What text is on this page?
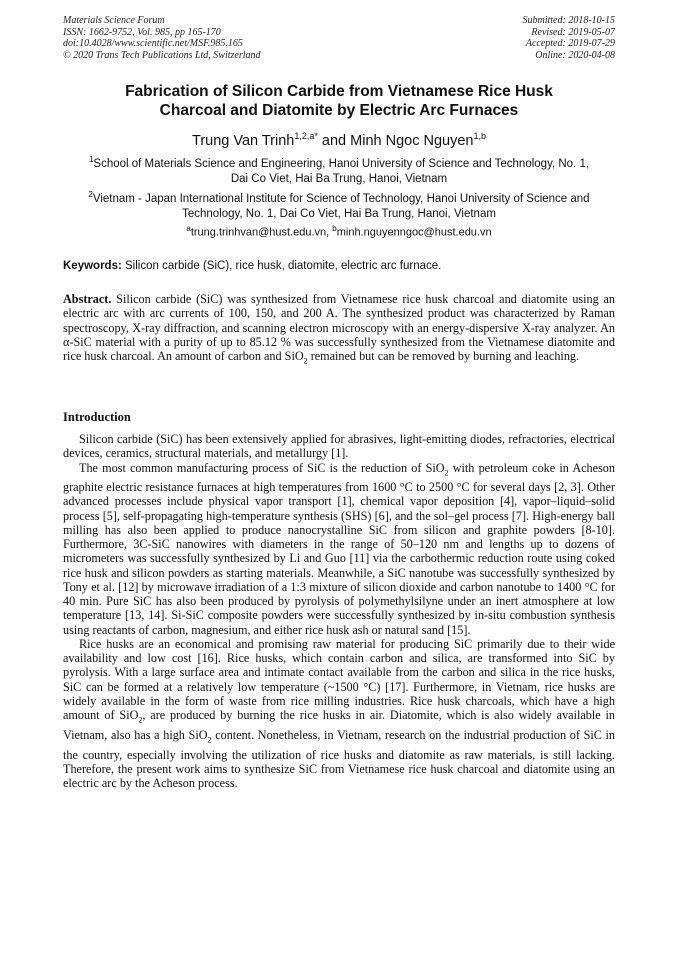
Materials Science Forum
ISSN: 1662-9752, Vol. 985, pp 165-170
doi:10.4028/www.scientific.net/MSF.985.165
© 2020 Trans Tech Publications Ltd, Switzerland
Submitted: 2018-10-15
Revised: 2019-05-07
Accepted: 2019-07-29
Online: 2020-04-08
Fabrication of Silicon Carbide from Vietnamese Rice Husk
Charcoal and Diatomite by Electric Arc Furnaces
Trung Van Trinh$^{1,2,a*}$ and Minh Ngoc Nguyen$^{1,b}$
$^1$School of Materials Science and Engineering, Hanoi University of Science and Technology, No. 1,
Dai Co Viet, Hai Ba Trung, Hanoi, Vietnam
$^2$Vietnam - Japan International Institute for Science of Technology, Hanoi University of Science and
Technology, No. 1, Dai Co Viet, Hai Ba Trung, Hanoi, Vietnam
$^a$trung.trinhvan@hust.edu.vn, $^b$minh.nguyenngoc@hust.edu.vn
Keywords: Silicon carbide (SiC), rice husk, diatomite, electric arc furnace.
Abstract. Silicon carbide (SiC) was synthesized from Vietnamese rice husk charcoal and diatomite using an electric arc with arc currents of 100, 150, and 200 A. The synthesized product was characterized by Raman spectroscopy, X-ray diffraction, and scanning electron microscopy with an energy-dispersive X-ray analyzer. An α-SiC material with a purity of up to 85.12 % was successfully synthesized from the Vietnamese diatomite and rice husk charcoal. An amount of carbon and SiO$_2$ remained but can be removed by burning and leaching.
Introduction

Silicon carbide (SiC) has been extensively applied for abrasives, light-emitting diodes, refractories, electrical devices, ceramics, structural materials, and metallurgy [1].

The most common manufacturing process of SiC is the reduction of SiO$_2$ with petroleum coke in Acheson graphite electric resistance furnaces at high temperatures from 1600 °C to 2500 °C for several days [2, 3]. Other advanced processes include physical vapor transport [1], chemical vapor deposition [4], vapor–liquid–solid process [5], self-propagating high-temperature synthesis (SHS) [6], and the sol–gel process [7]. High-energy ball milling has also been applied to produce nanocrystalline SiC from silicon and graphite powders [8-10]. Furthermore, 3C-SiC nanowires with diameters in the range of 50–120 nm and lengths up to dozens of micrometers was successfully synthesized by Li and Guo [11] via the carbothermic reduction route using coked rice husk and silicon powders as starting materials. Meanwhile, a SiC nanotube was successfully synthesized by Tony et al. [12] by microwave irradiation of a 1:3 mixture of silicon dioxide and carbon nanotube to 1400 °C for 40 min. Pure SiC has also been produced by pyrolysis of polymethylsilyne under an inert atmosphere at low temperature [13, 14]. Si-SiC composite powders were successfully synthesized by in-situ combustion synthesis using reactants of carbon, magnesium, and either rice husk ash or natural sand [15].

Rice husks are an economical and promising raw material for producing SiC primarily due to their wide availability and low cost [16]. Rice husks, which contain carbon and silica, are transformed into SiC by pyrolysis. With a large surface area and intimate contact available from the carbon and silica in the rice husks, SiC can be formed at a relatively low temperature (~1500 °C) [17]. Furthermore, in Vietnam, rice husks are widely available in the form of waste from rice milling industries. Rice husk charcoals, which have a high amount of SiO$_2$, are produced by burning the rice husks in air. Diatomite, which is also widely available in Vietnam, also has a high SiO$_2$ content. Nonetheless, in Vietnam, research on the industrial production of SiC in the country, especially involving the utilization of rice husks and diatomite as raw materials, is still lacking. Therefore, the present work aims to synthesize SiC from Vietnamese rice husk charcoal and diatomite using an electric arc by the Acheson process.
